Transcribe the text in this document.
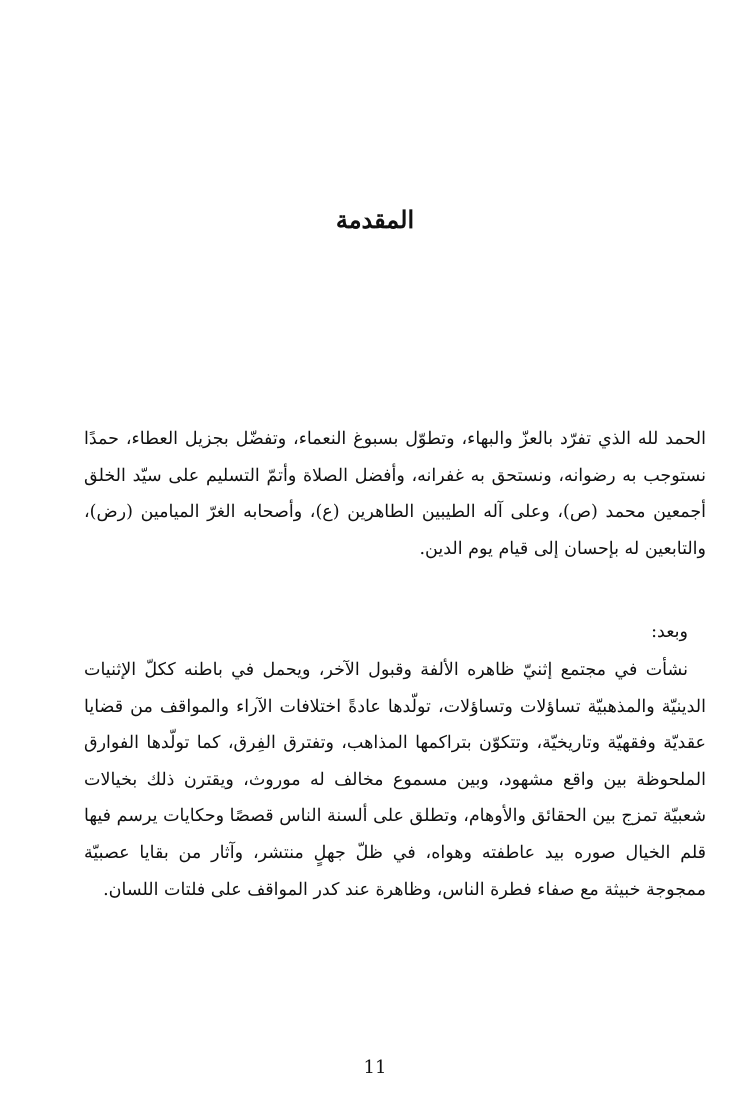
المقدمة
الحمد لله الذي تفرّد بالعزّ والبهاء، وتطوّل بسبوغ النعماء، وتفضّل بجزيل العطاء، حمدًا نستوجب به رضوانه، ونستحق به غفرانه، وأفضل الصلاة وأتمّ التسليم على سيّد الخلق أجمعين محمد (ص)، وعلى آله الطيبين الطاهرين (ع)، وأصحابه الغرّ الميامين (رض)، والتابعين له بإحسان إلى قيام يوم الدين.
وبعد:
نشأت في مجتمع إثنيّ ظاهره الألفة وقبول الآخر، ويحمل في باطنه ككلّ الإثنيات الدينيّة والمذهبيّة تساؤلات وتساؤلات، تولّدها عادةً اختلافات الآراء والمواقف من قضايا عقديّة وفقهيّة وتاريخيّة، وتتكوّن بتراكمها المذاهب، وتفترق الفِرق، كما تولّدها الفوارق الملحوظة بين واقع مشهود، وبين مسموع مخالف له موروث، ويقترن ذلك بخيالات شعبيّة تمزج بين الحقائق والأوهام، وتطلق على ألسنة الناس قصصًا وحكايات يرسم فيها قلم الخيال صوره بيد عاطفته وهواه، في ظلّ جهلٍ منتشر، وآثار من بقايا عصبيّة ممجوجة خبيثة مع صفاء فطرة الناس، وظاهرة عند كدر المواقف على فلتات اللسان.
11
